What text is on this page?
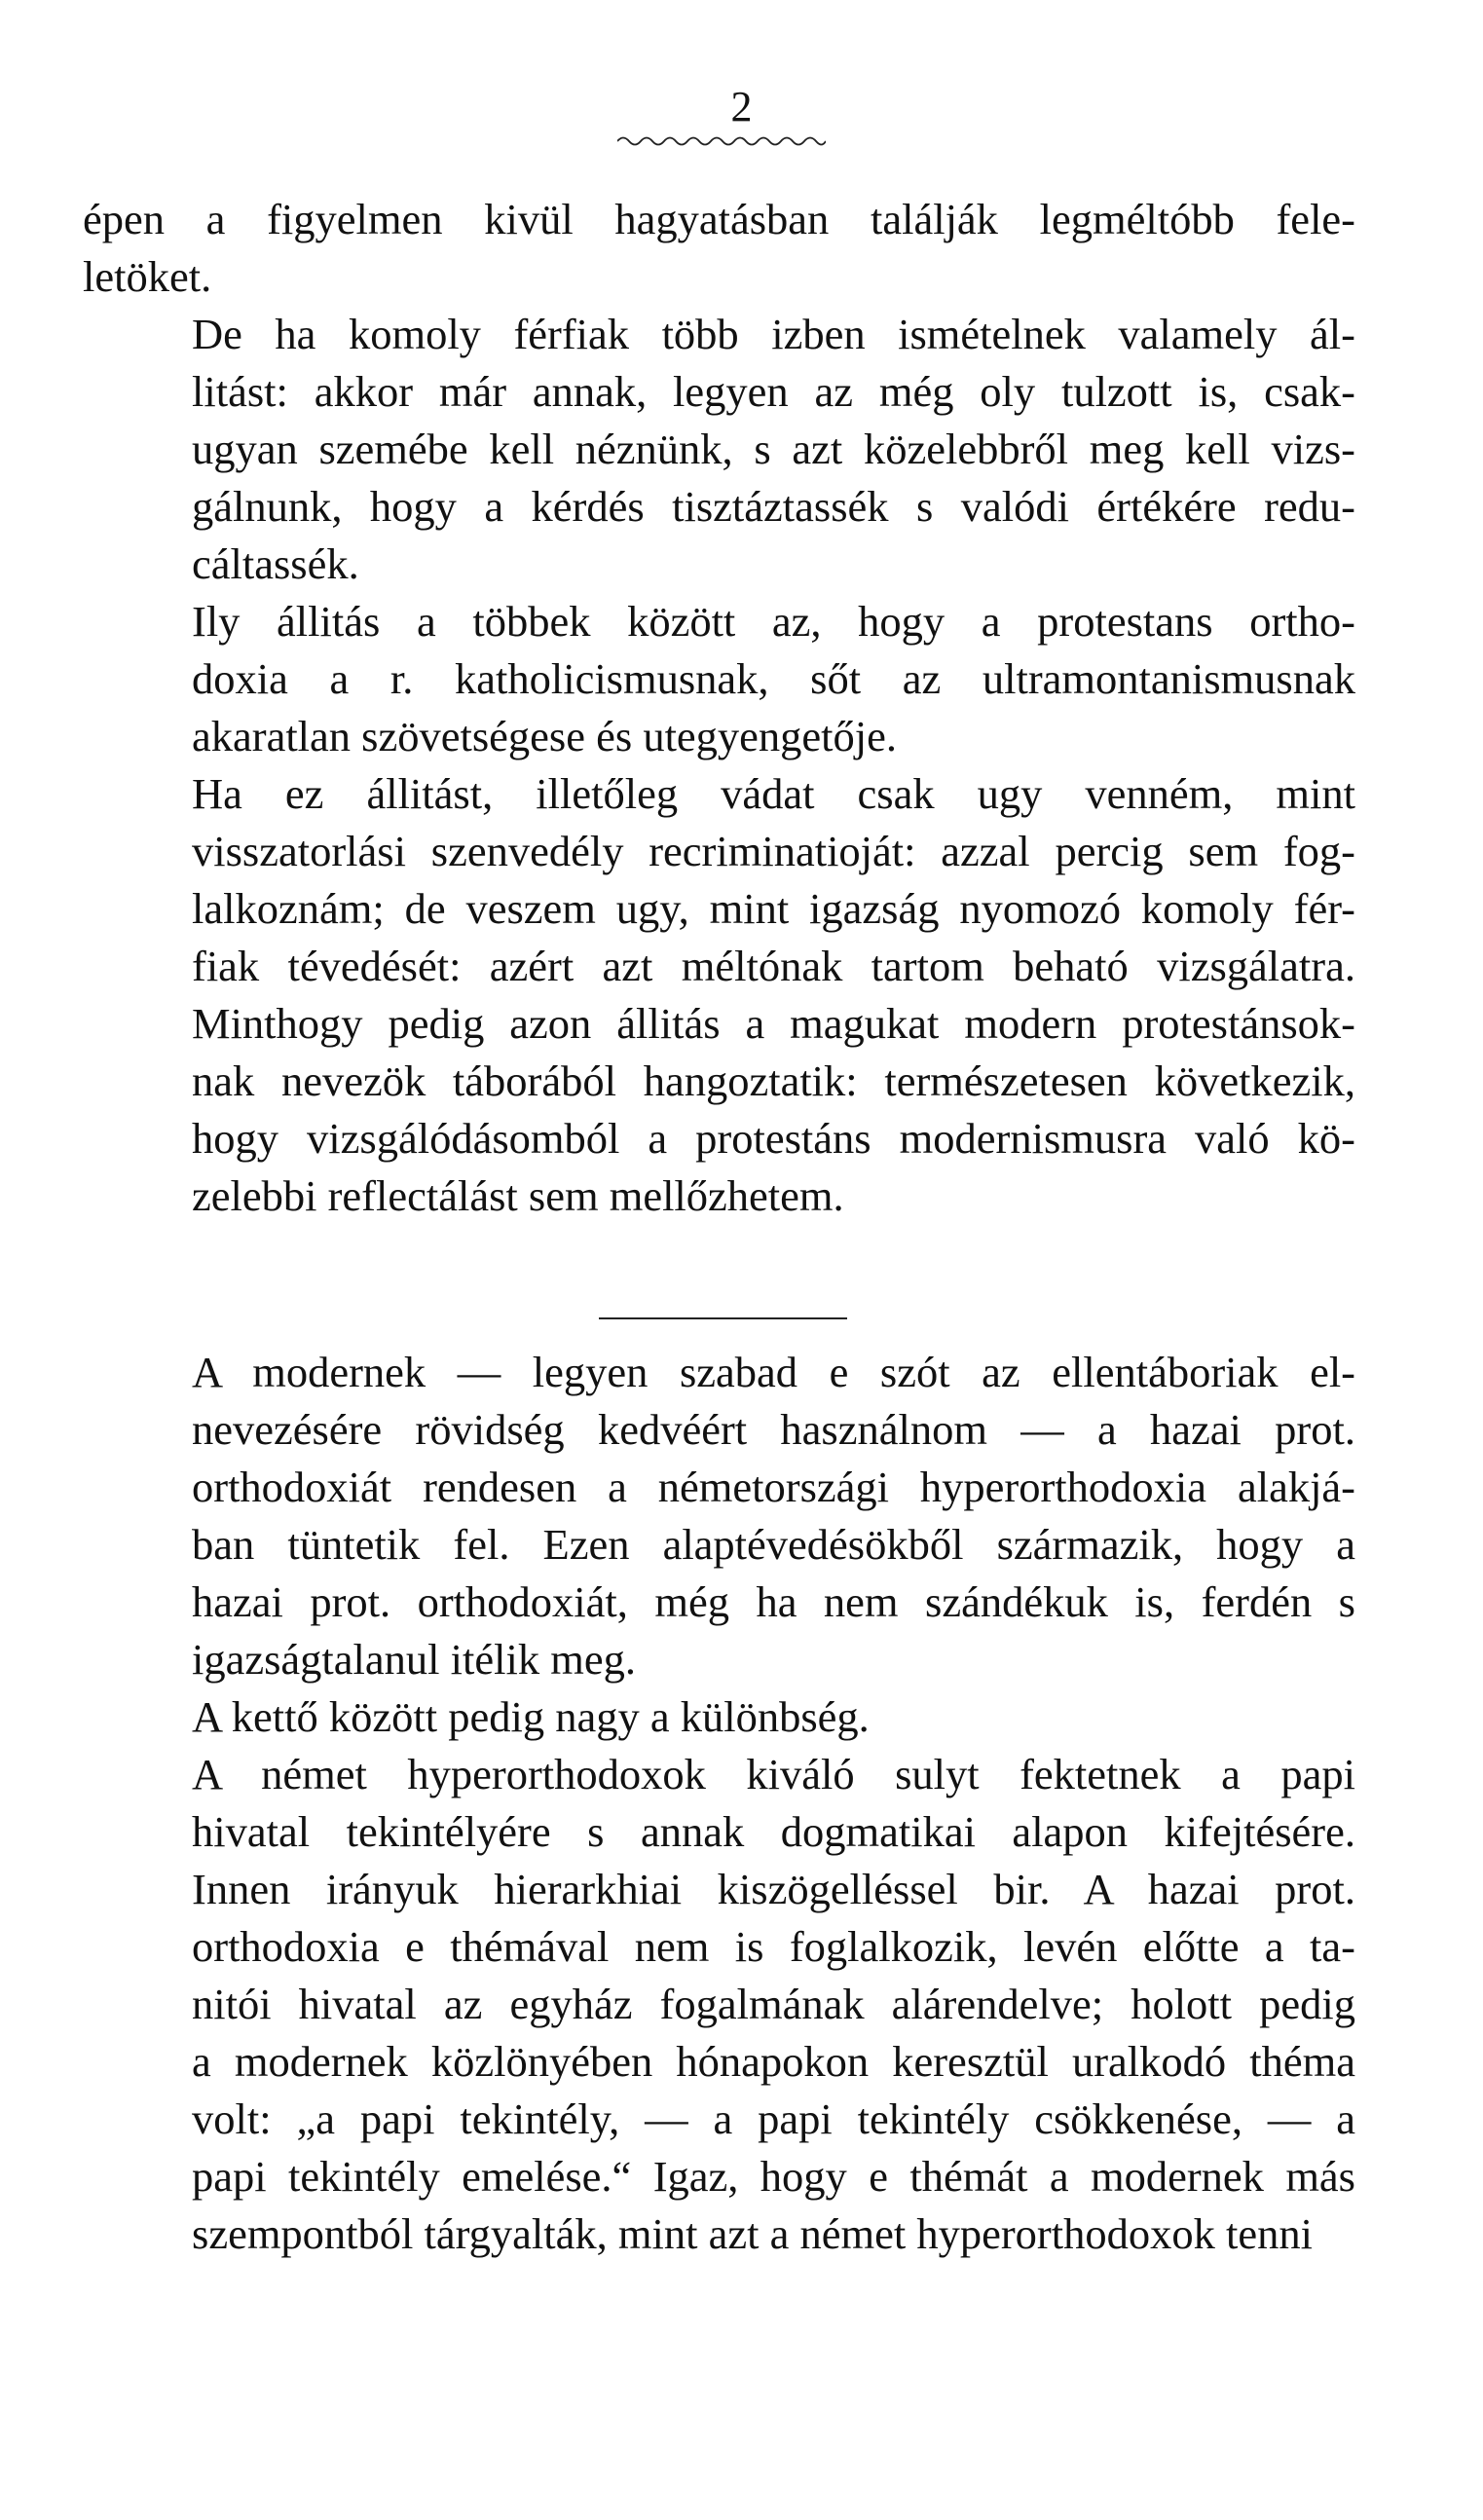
2

épen a figyelmen kivül hagyatásban találják legméltóbb fele-
letöket.

De ha komoly férfiak több izben ismételnek valamely ál-
litást: akkor már annak, legyen az még oly tulzott is, csak-
ugyan szemébe kell néznünk, s azt közelebbről meg kell vizs-
gálnunk, hogy a kérdés tisztáztassék s valódi értékére redu-
cáltassék.

Ily állitás a többek között az, hogy a protestans ortho-
doxia a r. katholicismusnak, sőt az ultramontanismusnak
akaratlan szövetségese és utegyengetője.

Ha ez állitást, illetőleg vádat csak ugy venném, mint
visszatorlási szenvedély recriminatioját: azzal percig sem fog-
lalkoznám; de veszem ugy, mint igazság nyomozó komoly fér-
fiak tévedését: azért azt méltónak tartom beható vizsgálatra.
Minthogy pedig azon állitás a magukat modern protestánsok-
nak nevezök táborából hangoztatik: természetesen következik,
hogy vizsgálódásomból a protestáns modernismusra való kö-
zelebbi reflectálást sem mellőzhetem.

A modernek — legyen szabad e szót az ellentáboriak el-
nevezésére rövidség kedvéért használnom — a hazai prot.
orthodoxiát rendesen a németországi hyperorthodoxia alakjá-
ban tüntetik fel. Ezen alaptévedésökből származik, hogy a
hazai prot. orthodoxiát, még ha nem szándékuk is, ferdén s
igazságtalanul itélik meg.

A kettő között pedig nagy a különbség.

A német hyperorthodoxok kiváló sulyt fektetnek a papi
hivatal tekintélyére s annak dogmatikai alapon kifejtésére.
Innen irányuk hierarkhiai kiszögelléssel bir. A hazai prot.
orthodoxia e thémával nem is foglalkozik, levén előtte a ta-
nitói hivatal az egyház fogalmának alárendelve; holott pedig
a modernek közlönyében hónapokon keresztül uralkodó théma
volt: „a papi tekintély, — a papi tekintély csökkenése, — a
papi tekintély emelése.“ Igaz, hogy e thémát a modernek más
szempontból tárgyalták, mint azt a német hyperorthodoxok tenni
